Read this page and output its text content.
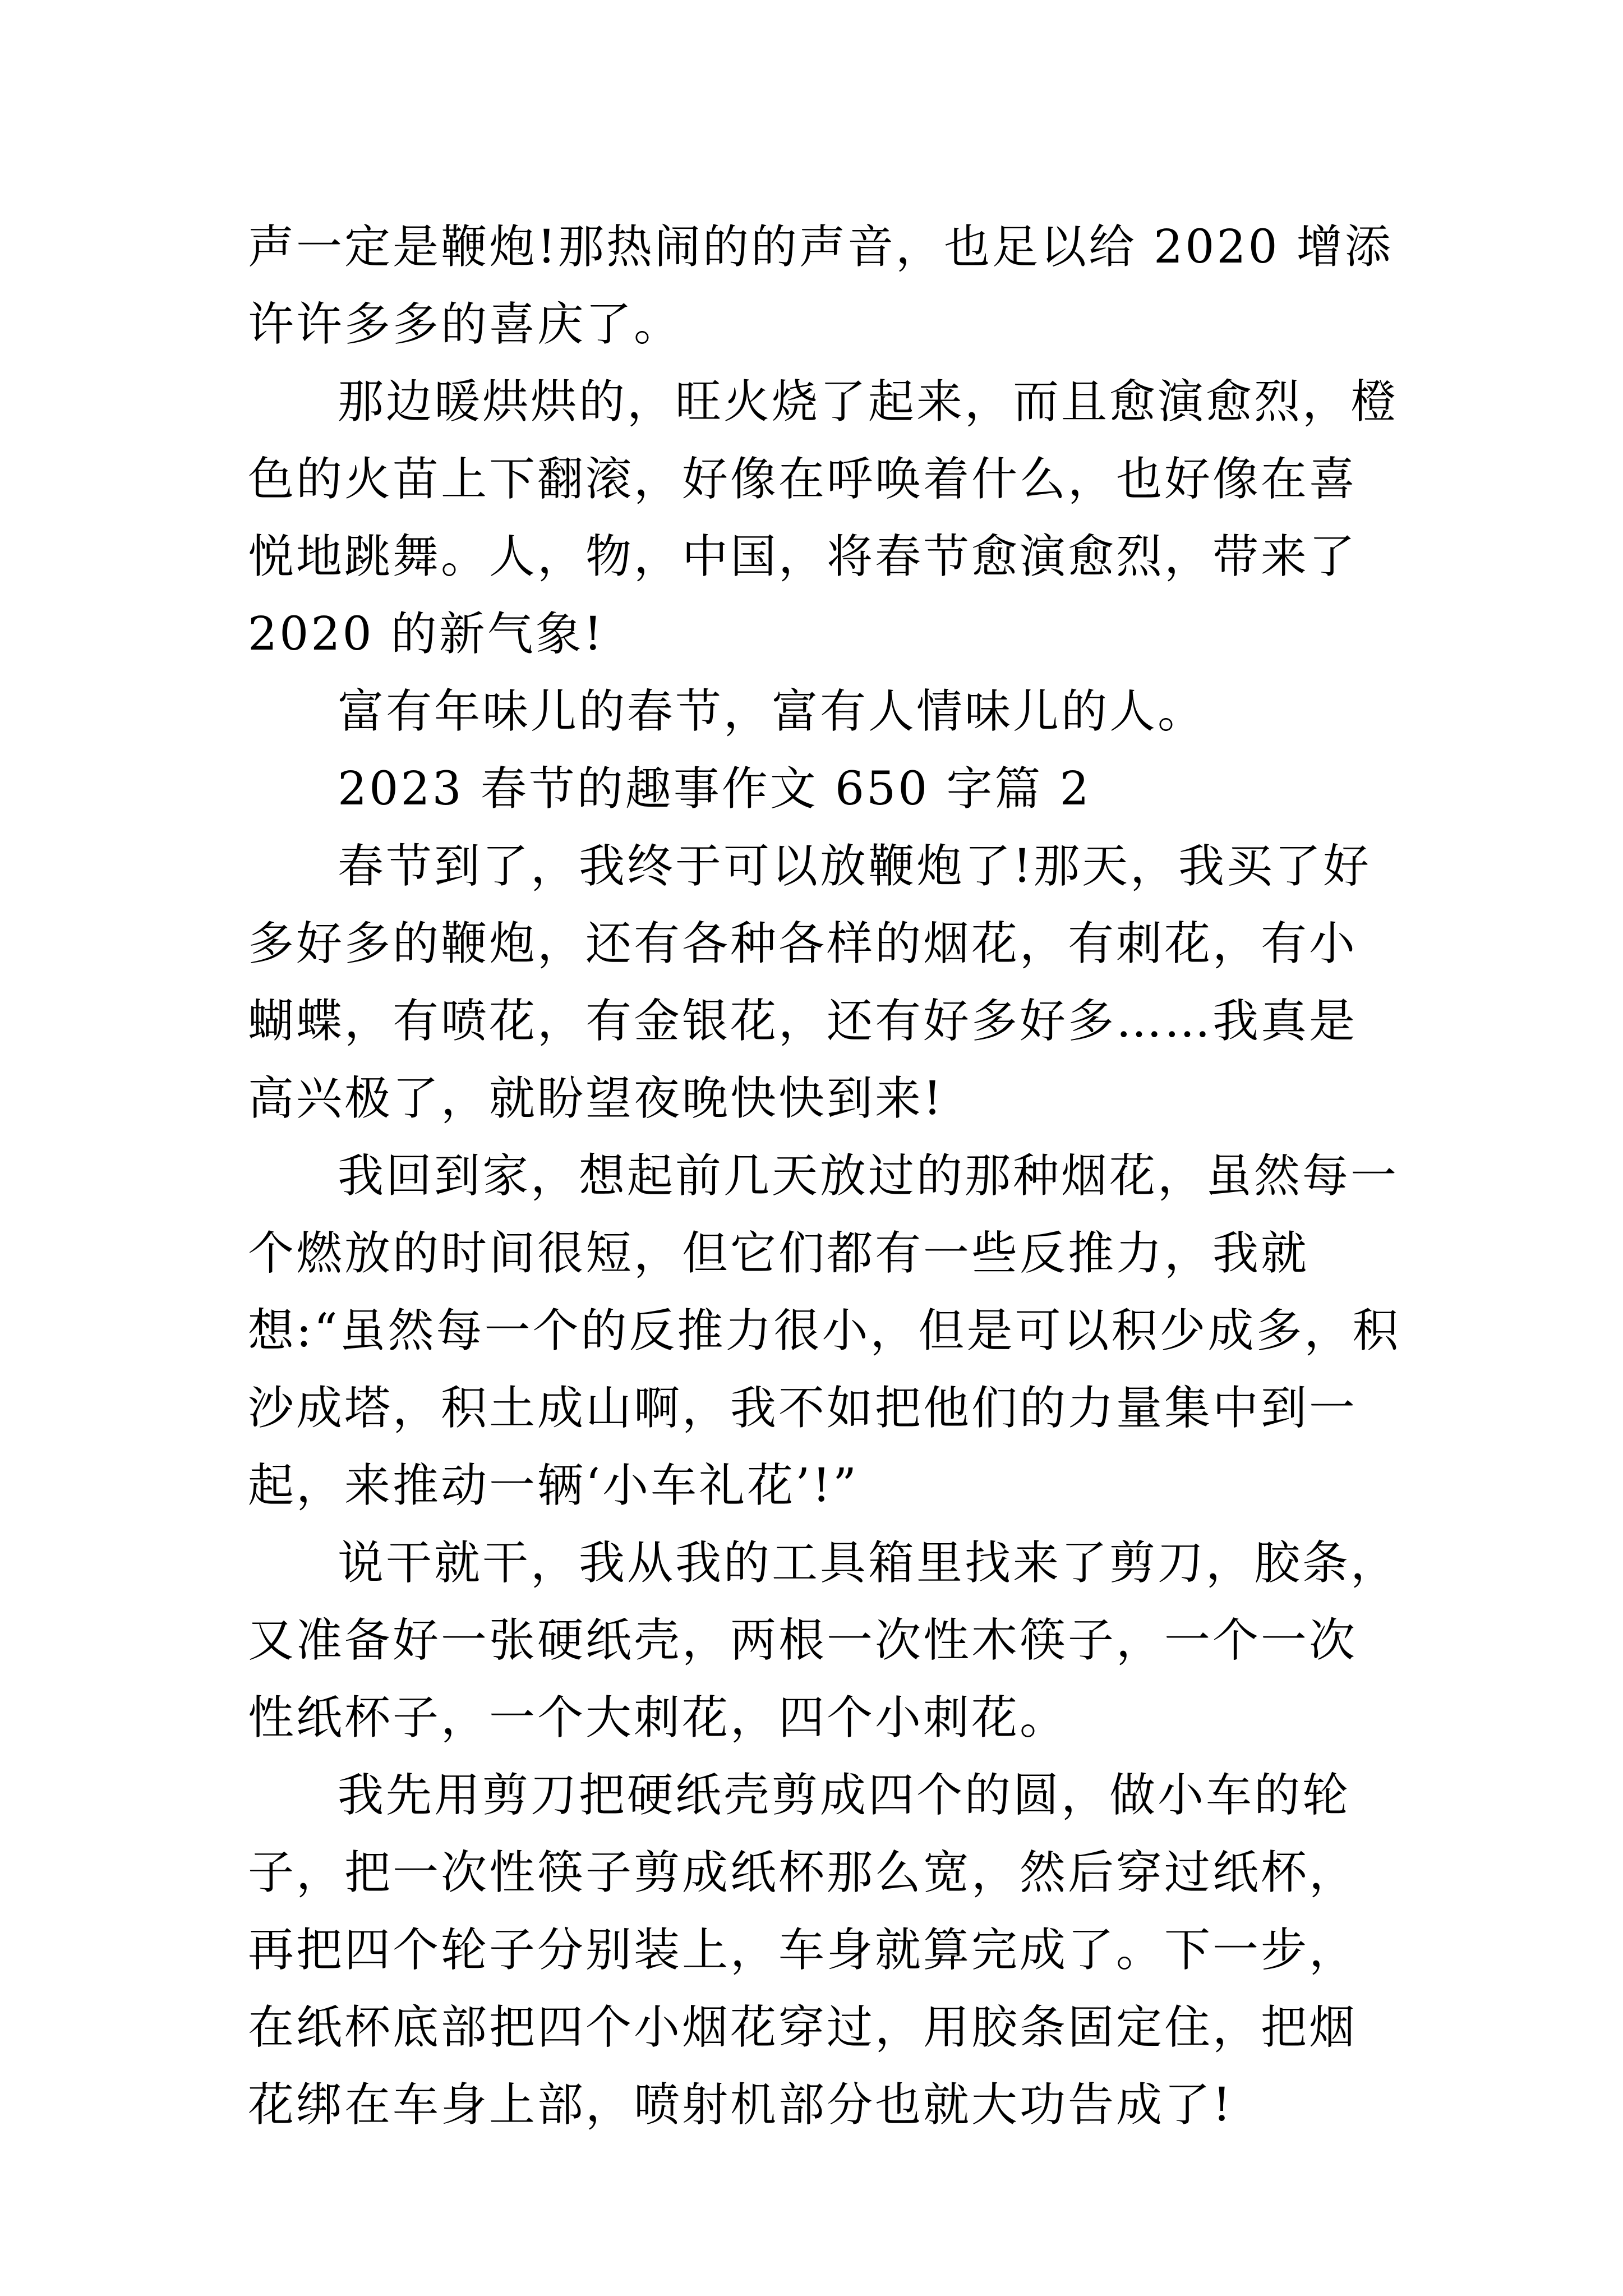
声一定是鞭炮!那热闹的的声音，也足以给 2020 增添许许多多的喜庆了。

那边暖烘烘的，旺火烧了起来，而且愈演愈烈，橙色的火苗上下翻滚，好像在呼唤着什么，也好像在喜悦地跳舞。人，物，中国，将春节愈演愈烈，带来了 2020 的新气象!

富有年味儿的春节，富有人情味儿的人。

2023 春节的趣事作文 650 字篇 2

春节到了，我终于可以放鞭炮了!那天，我买了好多好多的鞭炮，还有各种各样的烟花，有刺花，有小蝴蝶，有喷花，有金银花，还有好多好多……我真是高兴极了，就盼望夜晚快快到来!

我回到家，想起前几天放过的那种烟花，虽然每一个燃放的时间很短，但它们都有一些反推力，我就想:“虽然每一个的反推力很小，但是可以积少成多，积沙成塔，积土成山啊，我不如把他们的力量集中到一起，来推动一辆‘小车礼花’!”

说干就干，我从我的工具箱里找来了剪刀，胶条，又准备好一张硬纸壳，两根一次性木筷子，一个一次性纸杯子，一个大刺花，四个小刺花。

我先用剪刀把硬纸壳剪成四个的圆，做小车的轮子，把一次性筷子剪成纸杯那么宽，然后穿过纸杯，再把四个轮子分别装上，车身就算完成了。下一步，在纸杯底部把四个小烟花穿过，用胶条固定住，把烟花绑在车身上部，喷射机部分也就大功告成了!
